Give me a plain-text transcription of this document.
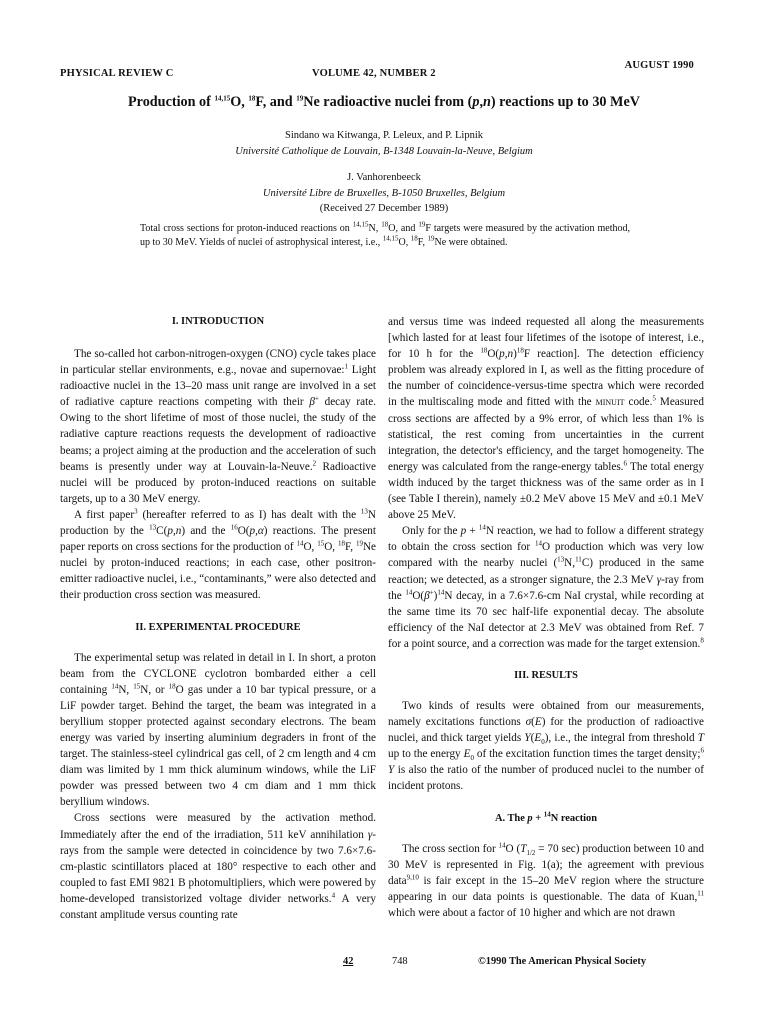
PHYSICAL REVIEW C	VOLUME 42, NUMBER 2
AUGUST 1990
Production of $^{14,15}$O, $^{18}$F, and $^{19}$Ne radioactive nuclei from (p,n) reactions up to 30 MeV
Sindano wa Kitwanga, P. Leleux, and P. Lipnik
Université Catholique de Louvain, B-1348 Louvain-la-Neuve, Belgium
J. Vanhorenbeeck
Université Libre de Bruxelles, B-1050 Bruxelles, Belgium
(Received 27 December 1989)
Total cross sections for proton-induced reactions on $^{14,15}$N, $^{18}$O, and $^{19}$F targets were measured by the activation method, up to 30 MeV. Yields of nuclei of astrophysical interest, i.e., $^{14,15}$O, $^{18}$F, $^{19}$Ne were obtained.
I. INTRODUCTION

The so-called hot carbon-nitrogen-oxygen (CNO) cycle takes place in particular stellar environments, e.g., novae and supernovae:$^1$ Light radioactive nuclei in the 13–20 mass unit range are involved in a set of radiative capture reactions competing with their β+ decay rate. Owing to the short lifetime of most of those nuclei, the study of the radiative capture reactions requests the development of radioactive beams; a project aiming at the production and the acceleration of such beams is presently under way at Louvain-la-Neuve.$^2$ Radioactive nuclei will be produced by proton-induced reactions on suitable targets, up to a 30 MeV energy.

A first paper$^3$ (hereafter referred to as I) has dealt with the $^{13}$N production by the $^{13}$C(p,n) and the $^{16}$O(p,α) reactions. The present paper reports on cross sections for the production of $^{14}$O, $^{15}$O, $^{18}$F, $^{19}$Ne nuclei by proton-induced reactions; in each case, other positron-emitter radioactive nuclei, i.e., “contaminants,” were also detected and their production cross section was measured.

II. EXPERIMENTAL PROCEDURE

The experimental setup was related in detail in I. In short, a proton beam from the CYCLONE cyclotron bombarded either a cell containing $^{14}$N, $^{15}$N, or $^{18}$O gas under a 10 bar typical pressure, or a LiF powder target. Behind the target, the beam was integrated in a beryllium stopper protected against secondary electrons. The beam energy was varied by inserting aluminium degraders in front of the target. The stainless-steel cylindrical gas cell, of 2 cm length and 4 cm diam was limited by 1 mm thick aluminum windows, while the LiF powder was pressed between two 4 cm diam and 1 mm thick beryllium windows.

Cross sections were measured by the activation method. Immediately after the end of the irradiation, 511 keV annihilation γ-rays from the sample were detected in coincidence by two 7.6×7.6-cm-plastic scintillators placed at 180° respective to each other and coupled to fast EMI 9821 B photomultipliers, which were powered by home-developed transistorized voltage divider networks.$^4$ A very constant amplitude versus counting rate

and versus time was indeed requested all along the measurements [which lasted for at least four lifetimes of the isotope of interest, i.e., for 10 h for the $^{18}O(p,n)^{18}F$ reaction]. The detection efficiency problem was already explored in I, as well as the fitting procedure of the number of coincidence-versus-time spectra which were recorded in the multiscaling mode and fitted with the minuit code.$^5$ Measured cross sections are affected by a 9% error, of which less than 1% is statistical, the rest coming from uncertainties in the current integration, the detector's efficiency, and the target homogeneity. The energy was calculated from the range-energy tables.$^6$ The total energy width induced by the target thickness was of the same order as in I (see Table I therein), namely ±0.2 MeV above 15 MeV and ±0.1 MeV above 25 MeV.

Only for the p + $^{14}$N reaction, we had to follow a different strategy to obtain the cross section for $^{14}$O production which was very low compared with the nearby nuclei ($^{13}$N,$^{11}$C) produced in the same reaction; we detected, as a stronger signature, the 2.3 MeV γ-ray from the $^{14}O(\beta^+)^{14}N$ decay, in a 7.6×7.6-cm NaI crystal, while recording at the same time its 70 sec half-life exponential decay. The absolute efficiency of the NaI detector at 2.3 MeV was obtained from Ref. 7 for a point source, and a correction was made for the target extension.$^8$

III. RESULTS

Two kinds of results were obtained from our measurements, namely excitations functions σ(E) for the production of radioactive nuclei, and thick target yields $Y(E_0)$, i.e., the integral from threshold T up to the energy $E_0$ of the excitation function times the target density;$^6$ Y is also the ratio of the number of produced nuclei to the number of incident protons.

A. The p + $^{14}$N reaction

The cross section for $^{14}$O ($T_{1/2} = 70$ sec) production between 10 and 30 MeV is represented in Fig. 1(a); the agreement with previous data$^{9,10}$ is fair except in the 15–20 MeV region where the structure appearing in our data points is questionable. The data of Kuan,$^{11}$ which were about a factor of 10 higher and which are not drawn

42	748	©1990 The American Physical Society
